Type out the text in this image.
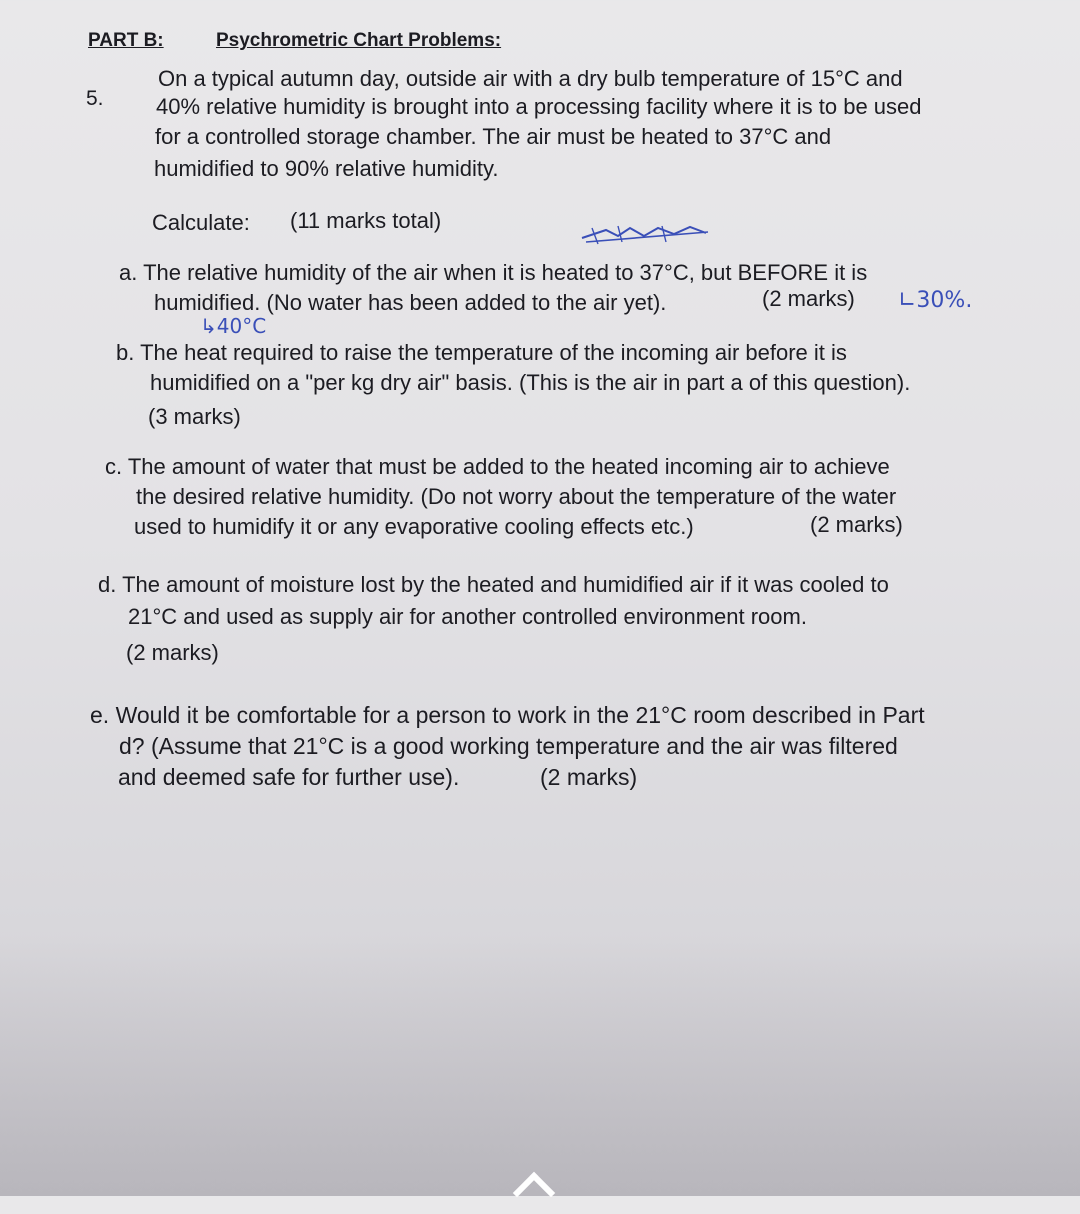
PART B:	Psychrometric Chart Problems:
5.
On a typical autumn day, outside air with a dry bulb temperature of 15°C and
40% relative humidity is brought into a processing facility where it is to be used
for a controlled storage chamber. The air must be heated to 37°C and
humidified to 90% relative humidity.
Calculate: (11 marks total)
a. The relative humidity of the air when it is heated to 37°C, but BEFORE it is
humidified. (No water has been added to the air yet).	(2 marks) ∟30%.
↳40°C
b. The heat required to raise the temperature of the incoming air before it is
humidified on a "per kg dry air" basis. (This is the air in part a of this question).
(3 marks)
c. The amount of water that must be added to the heated incoming air to achieve
the desired relative humidity. (Do not worry about the temperature of the water
used to humidify it or any evaporative cooling effects etc.)	(2 marks)
d. The amount of moisture lost by the heated and humidified air if it was cooled to
21°C and used as supply air for another controlled environment room.
(2 marks)
e. Would it be comfortable for a person to work in the 21°C room described in Part
d? (Assume that 21°C is a good working temperature and the air was filtered
and deemed safe for further use).	(2 marks)
